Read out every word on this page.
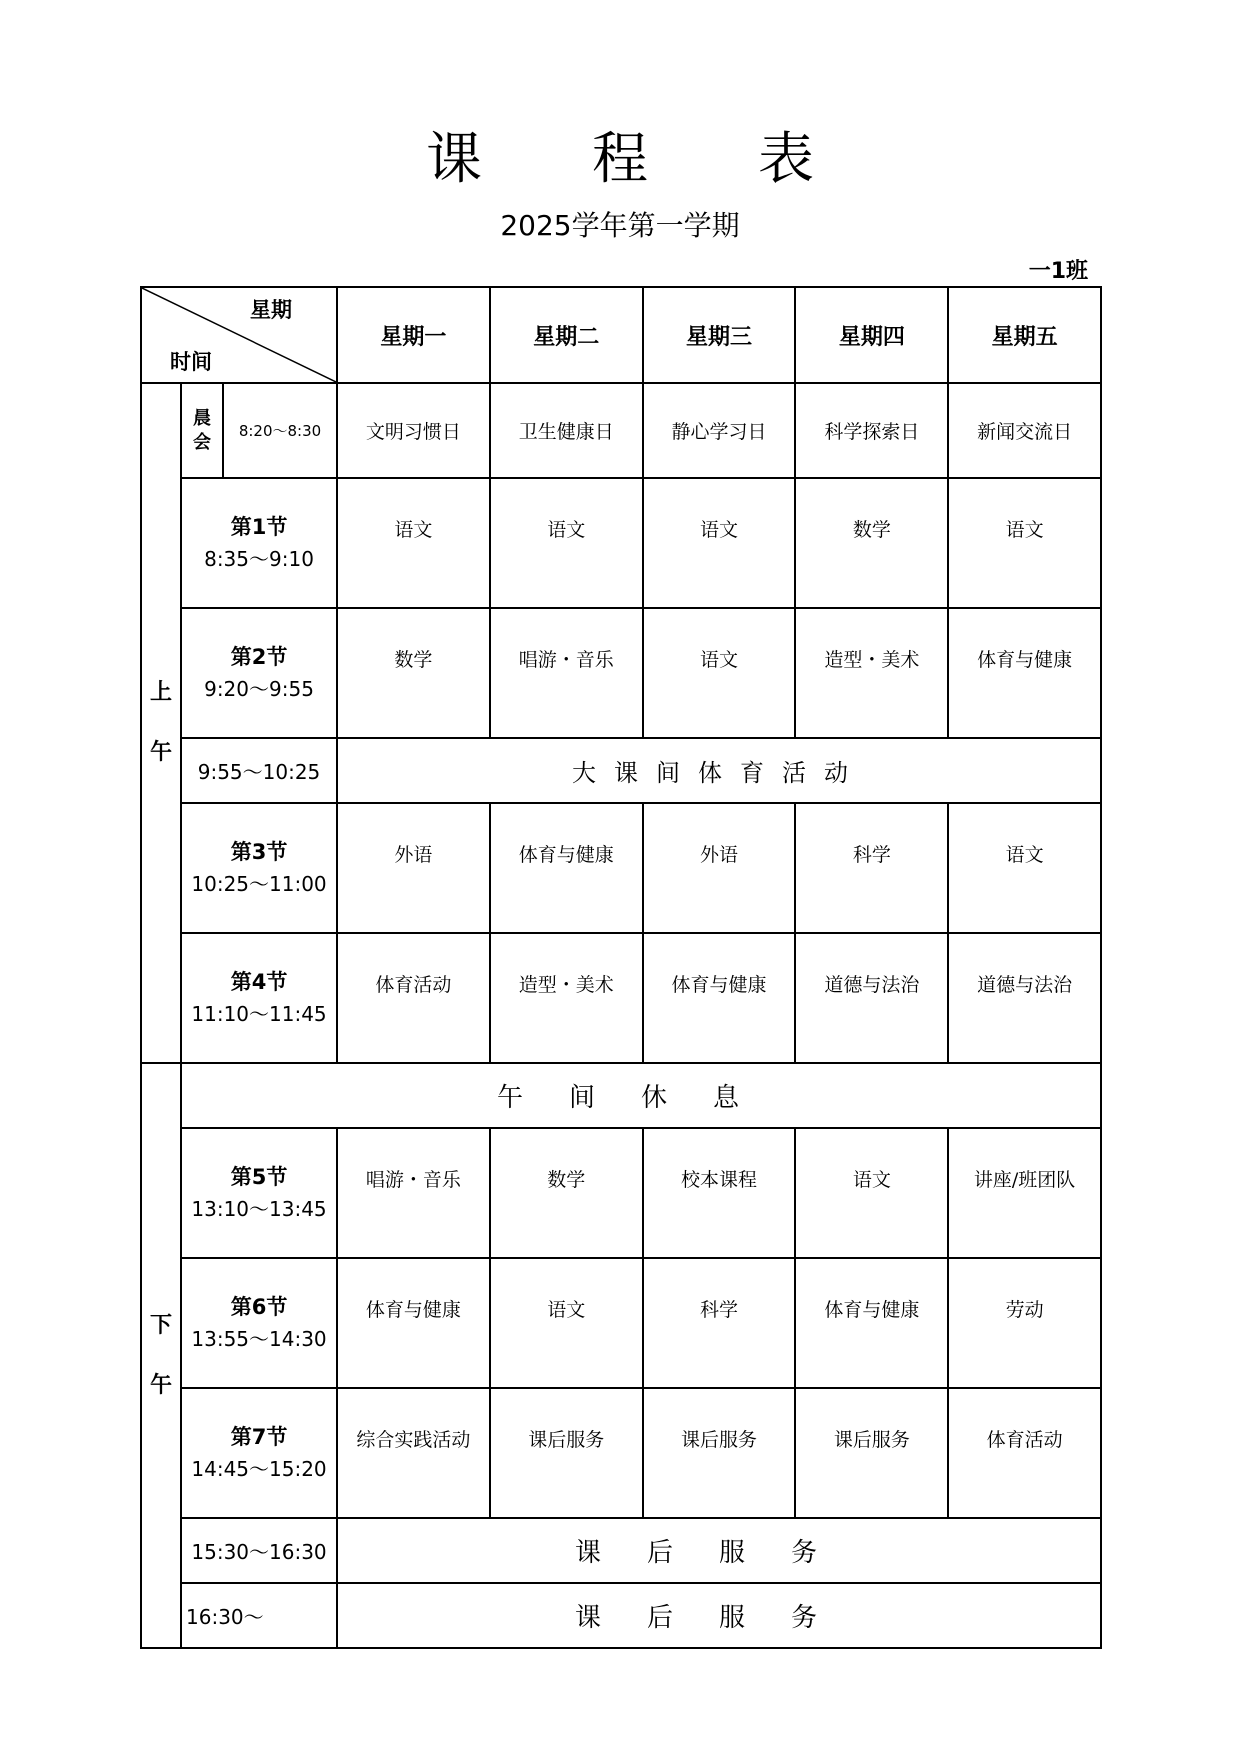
课 程 表
2025学年第一学期
一1班
星期
时间			星期一	星期二	星期三	星期四	星期五
上
午	晨
会	8:20～8:30	文明习惯日	卫生健康日	静心学习日	科学探索日	新闻交流日

	第1节
8:35～9:10		语文	语文	语文	数学	语文

	第2节
9:20～9:55		数学	唱游・音乐	语文	造型・美术	体育与健康
	9:55～10:25		大课间体育活动				

	第3节
10:25～11:00		外语	体育与健康	外语	科学	语文

	第4节
11:10～11:45		体育活动	造型・美术	体育与健康	道德与法治	道德与法治
下
午	午间休息						

	第5节
13:10～13:45		唱游・音乐	数学	校本课程	语文	讲座/班团队

	第6节
13:55～14:30		体育与健康	语文	科学	体育与健康	劳动

	第7节
14:45～15:20		综合实践活动	课后服务	课后服务	课后服务	体育活动
	15:30～16:30		课后服务				
	16:30～		课后服务				
